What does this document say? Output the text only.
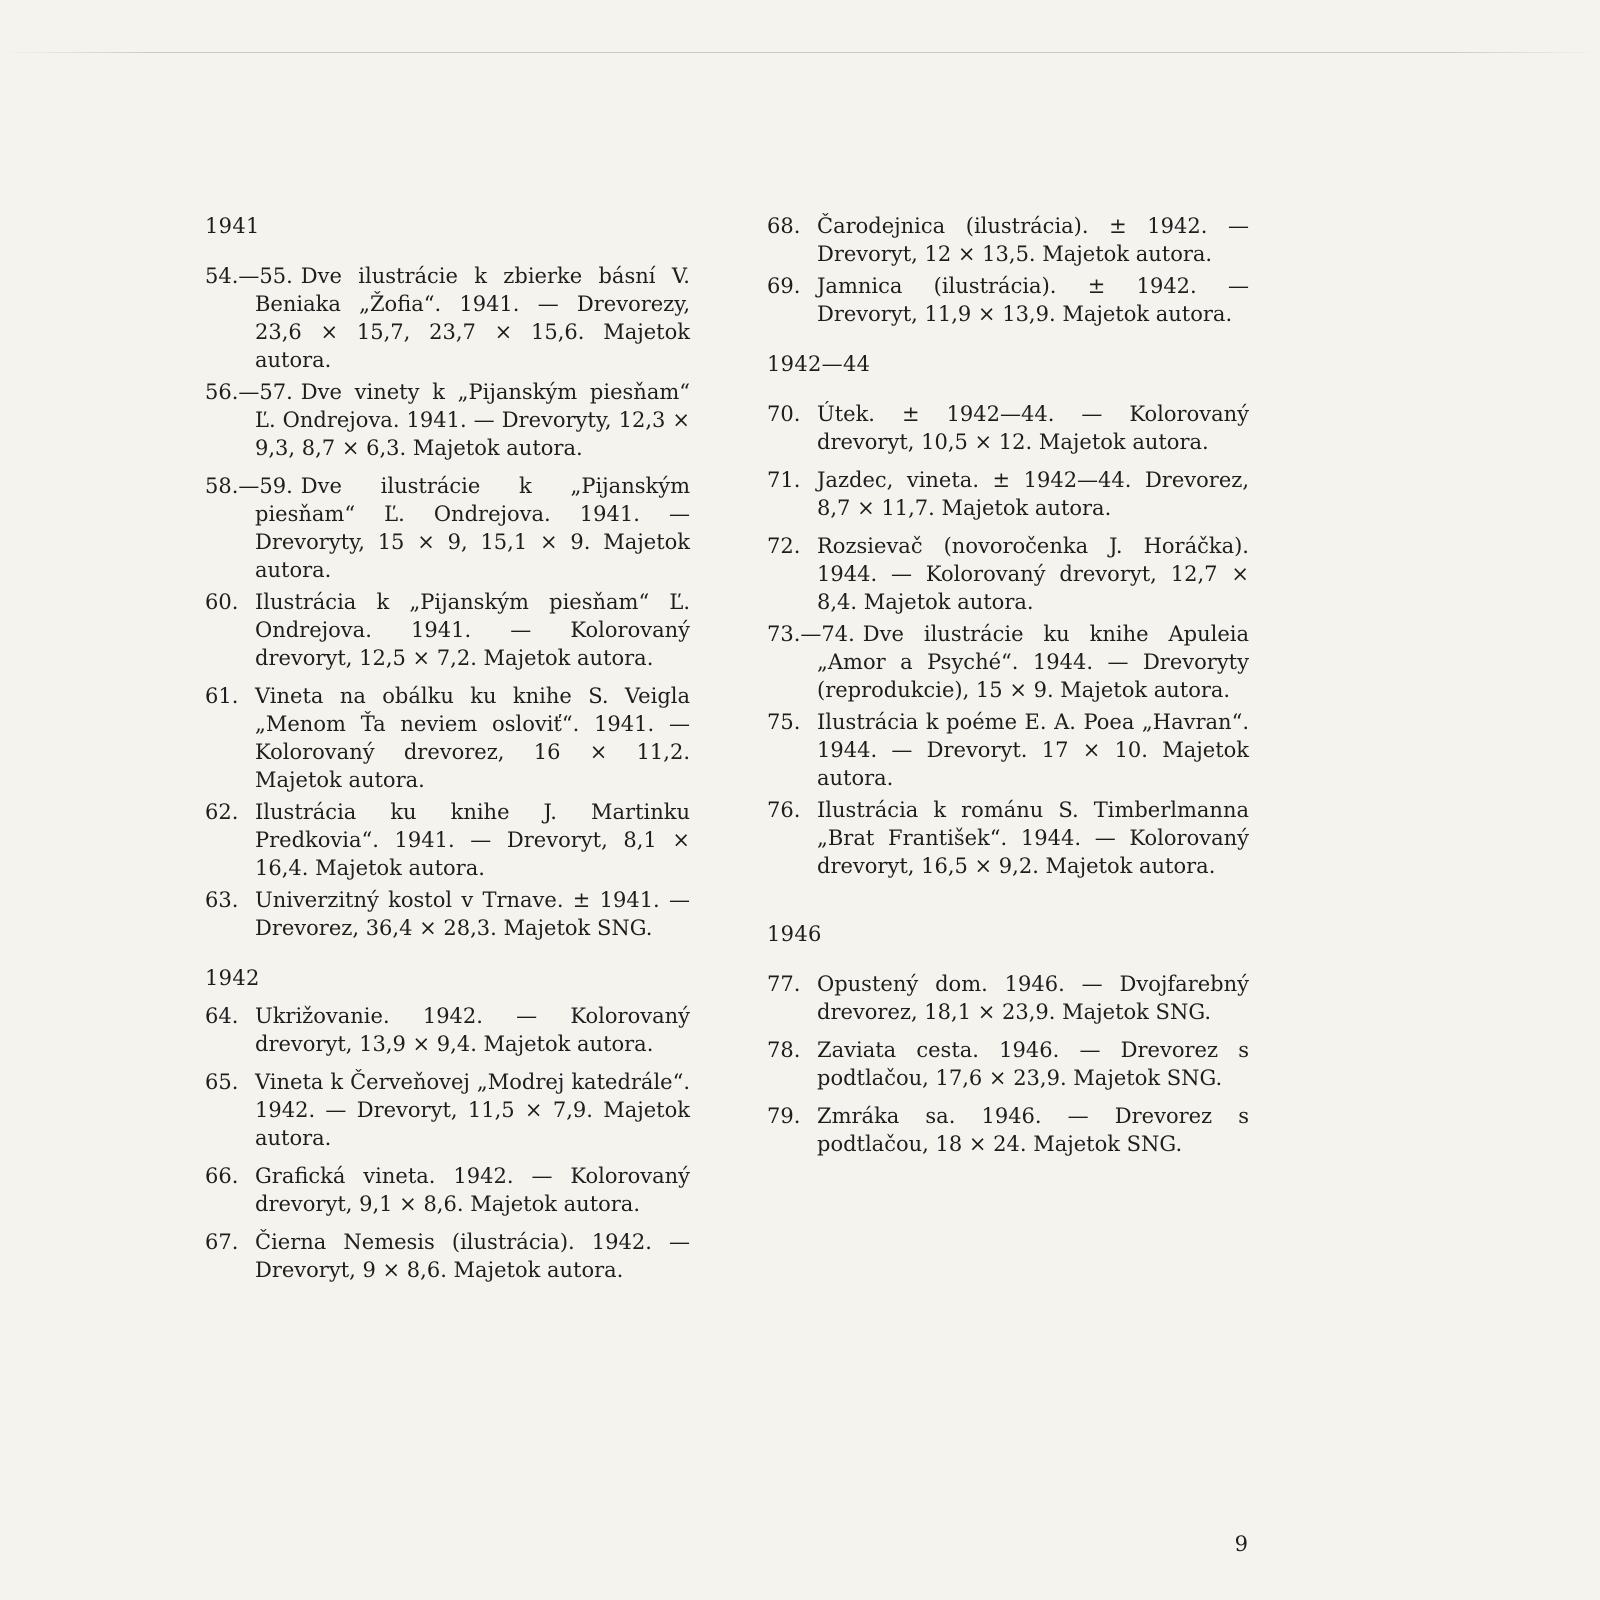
1941

54.—55. Dve ilustrácie k zbierke básní V. Beniaka „Žofia“. 1941. — Drevorezy, 23,6 × 15,7, 23,7 × 15,6. Majetok autora.

56.—57. Dve vinety k „Pijanským piesňam“ Ľ. Ondrejova. 1941. — Drevoryty, 12,3 × 9,3, 8,7 × 6,3. Majetok autora.

58.—59. Dve ilustrácie k „Pijanským piesňam“ Ľ. Ondrejova. 1941. — Drevoryty, 15 × 9, 15,1 × 9. Majetok autora.

60. Ilustrácia k „Pijanským piesňam“ Ľ. Ondrejova. 1941. — Kolorovaný drevoryt, 12,5 × 7,2. Majetok autora.

61. Vineta na obálku ku knihe S. Veigla „Menom Ťa neviem osloviť“. 1941. — Kolorovaný drevorez, 16 × 11,2. Majetok autora.

62. Ilustrácia ku knihe J. Martinku Predkovia“. 1941. — Drevoryt, 8,1 × 16,4. Majetok autora.

63. Univerzitný kostol v Trnave. ± 1941. — Drevorez, 36,4 × 28,3. Majetok SNG.

1942

64. Ukrižovanie. 1942. — Kolorovaný drevoryt, 13,9 × 9,4. Majetok autora.

65. Vineta k Červeňovej „Modrej katedrále“. 1942. — Drevoryt, 11,5 × 7,9. Majetok autora.

66. Grafická vineta. 1942. — Kolorovaný drevoryt, 9,1 × 8,6. Majetok autora.

67. Čierna Nemesis (ilustrácia). 1942. — Drevoryt, 9 × 8,6. Majetok autora.

68. Čarodejnica (ilustrácia). ± 1942. — Drevoryt, 12 × 13,5. Majetok autora.

69. Jamnica (ilustrácia). ± 1942. — Drevoryt, 11,9 × 13,9. Majetok autora.

1942—44

70. Útek. ± 1942—44. — Kolorovaný drevoryt, 10,5 × 12. Majetok autora.

71. Jazdec, vineta. ± 1942—44. Drevorez, 8,7 × 11,7. Majetok autora.

72. Rozsievač (novoročenka J. Horáčka). 1944. — Kolorovaný drevoryt, 12,7 × 8,4. Majetok autora.

73.—74. Dve ilustrácie ku knihe Apuleia „Amor a Psyché“. 1944. — Drevoryty (reprodukcie), 15 × 9. Majetok autora.

75. Ilustrácia k poéme E. A. Poea „Havran“. 1944. — Drevoryt. 17 × 10. Majetok autora.

76. Ilustrácia k románu S. Timberlmanna „Brat František“. 1944. — Kolorovaný drevoryt, 16,5 × 9,2. Majetok autora.

1946

77. Opustený dom. 1946. — Dvojfarebný drevorez, 18,1 × 23,9. Majetok SNG.

78. Zaviata cesta. 1946. — Drevorez s podtlačou, 17,6 × 23,9. Majetok SNG.

79. Zmráka sa. 1946. — Drevorez s podtlačou, 18 × 24. Majetok SNG.

9
